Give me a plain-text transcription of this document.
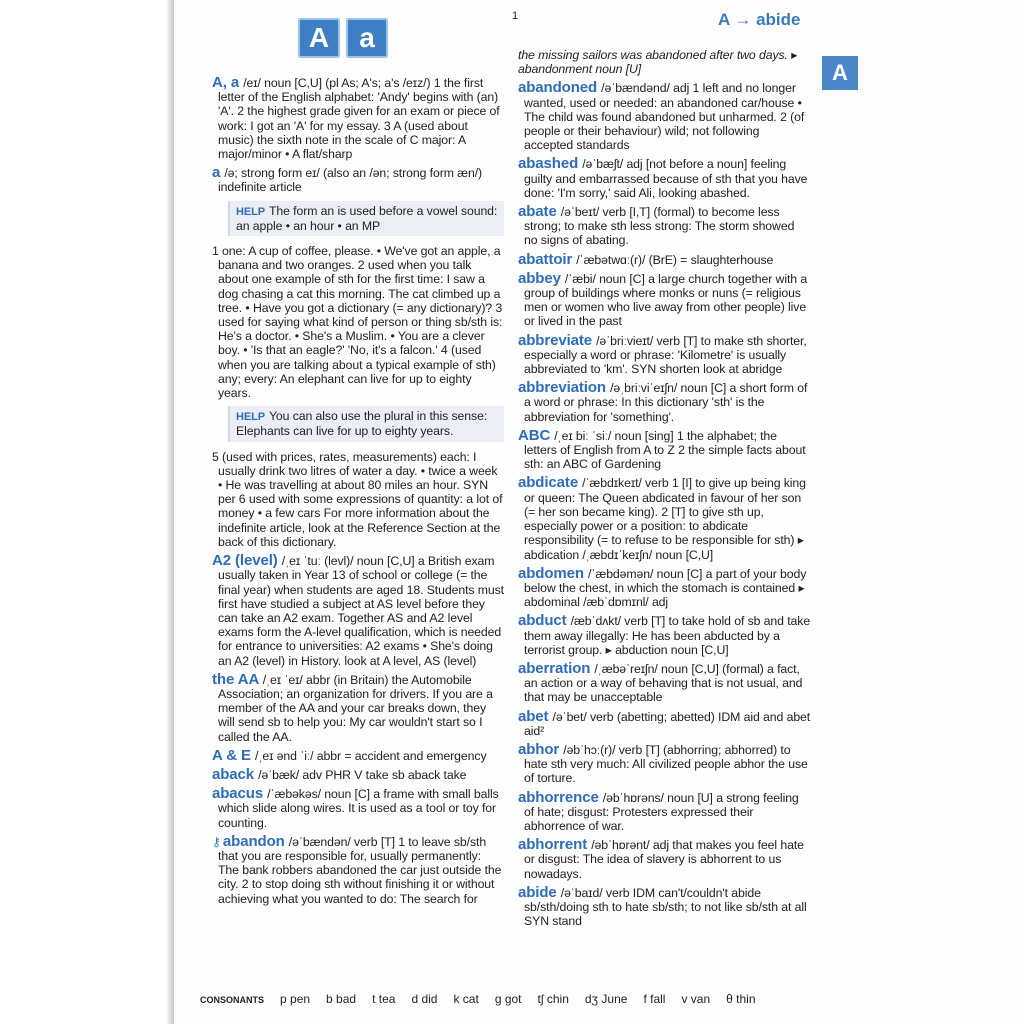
A	a
1	A → abide
A
A, a /eɪ/ noun [C,U] (pl As; A's; a's /eɪz/) 1 the first letter of the English alphabet: 'Andy' begins with (an) 'A'. 2 the highest grade given for an exam or piece of work: I got an 'A' for my essay. 3 A (used about music) the sixth note in the scale of C major: A major/minor • A flat/sharp
a /ə; strong form eɪ/ (also an /ən; strong form æn/) indefinite article
HELP The form an is used before a vowel sound: an apple • an hour • an MP
1 one: A cup of coffee, please. • We've got an apple, a banana and two oranges. 2 used when you talk about one example of sth for the first time: I saw a dog chasing a cat this morning. The cat climbed up a tree. • Have you got a dictionary (= any dictionary)? 3 used for saying what kind of person or thing sb/sth is: He's a doctor. • She's a Muslim. • You are a clever boy. • 'Is that an eagle?' 'No, it's a falcon.' 4 (used when you are talking about a typical example of sth) any; every: An elephant can live for up to eighty years.
HELP You can also use the plural in this sense: Elephants can live for up to eighty years.
5 (used with prices, rates, measurements) each: I usually drink two litres of water a day. • twice a week • He was travelling at about 80 miles an hour. SYN per 6 used with some expressions of quantity: a lot of money • a few cars For more information about the indefinite article, look at the Reference Section at the back of this dictionary.
A2 (level) /ˌeɪ ˈtuː (levl)/ noun [C,U] a British exam usually taken in Year 13 of school or college (= the final year) when students are aged 18. Students must first have studied a subject at AS level before they can take an A2 exam. Together AS and A2 level exams form the A-level qualification, which is needed for entrance to universities: A2 exams • She's doing an A2 (level) in History. look at A level, AS (level)
the AA /ˌeɪ ˈeɪ/ abbr (in Britain) the Automobile Association; an organization for drivers. If you are a member of the AA and your car breaks down, they will send sb to help you: My car wouldn't start so I called the AA.
A & E /ˌeɪ ənd ˈiː/ abbr = accident and emergency
aback /əˈbæk/ adv PHR V take sb aback take
abacus /ˈæbəkəs/ noun [C] a frame with small balls which slide along wires. It is used as a tool or toy for counting.
⚷ abandon /əˈbændən/ verb [T] 1 to leave sb/sth that you are responsible for, usually permanently: The bank robbers abandoned the car just outside the city. 2 to stop doing sth without finishing it or without achieving what you wanted to do: The search for
the missing sailors was abandoned after two days. ▸ abandonment noun [U]
abandoned /əˈbændənd/ adj 1 left and no longer wanted, used or needed: an abandoned car/house • The child was found abandoned but unharmed. 2 (of people or their behaviour) wild; not following accepted standards
abashed /əˈbæʃt/ adj [not before a noun] feeling guilty and embarrassed because of sth that you have done: 'I'm sorry,' said Ali, looking abashed.
abate /əˈbeɪt/ verb [I,T] (formal) to become less strong; to make sth less strong: The storm showed no signs of abating.
abattoir /ˈæbətwɑː(r)/ (BrE) = slaughterhouse
abbey /ˈæbi/ noun [C] a large church together with a group of buildings where monks or nuns (= religious men or women who live away from other people) live or lived in the past
abbreviate /əˈbriːvieɪt/ verb [T] to make sth shorter, especially a word or phrase: 'Kilometre' is usually abbreviated to 'km'. SYN shorten look at abridge
abbreviation /əˌbriːviˈeɪʃn/ noun [C] a short form of a word or phrase: In this dictionary 'sth' is the abbreviation for 'something'.
ABC /ˌeɪ biː ˈsiː/ noun [sing] 1 the alphabet; the letters of English from A to Z 2 the simple facts about sth: an ABC of Gardening
abdicate /ˈæbdɪkeɪt/ verb 1 [I] to give up being king or queen: The Queen abdicated in favour of her son (= her son became king). 2 [T] to give sth up, especially power or a position: to abdicate responsibility (= to refuse to be responsible for sth) ▸ abdication /ˌæbdɪˈkeɪʃn/ noun [C,U]
abdomen /ˈæbdəmən/ noun [C] a part of your body below the chest, in which the stomach is contained ▸ abdominal /æbˈdɒmɪnl/ adj
abduct /æbˈdʌkt/ verb [T] to take hold of sb and take them away illegally: He has been abducted by a terrorist group. ▸ abduction noun [C,U]
aberration /ˌæbəˈreɪʃn/ noun [C,U] (formal) a fact, an action or a way of behaving that is not usual, and that may be unacceptable
abet /əˈbet/ verb (abetting; abetted) IDM aid and abet aid²
abhor /əbˈhɔː(r)/ verb [T] (abhorring; abhorred) to hate sth very much: All civilized people abhor the use of torture.
abhorrence /əbˈhɒrəns/ noun [U] a strong feeling of hate; disgust: Protesters expressed their abhorrence of war.
abhorrent /əbˈhɒrənt/ adj that makes you feel hate or disgust: The idea of slavery is abhorrent to us nowadays.
abide /əˈbaɪd/ verb IDM can't/couldn't abide sb/sth/doing sth to hate sb/sth; to not like sb/sth at all SYN stand
CONSONANTS p pen b bad t tea d did k cat g got tʃ chin dʒ June f fall v van θ thin
